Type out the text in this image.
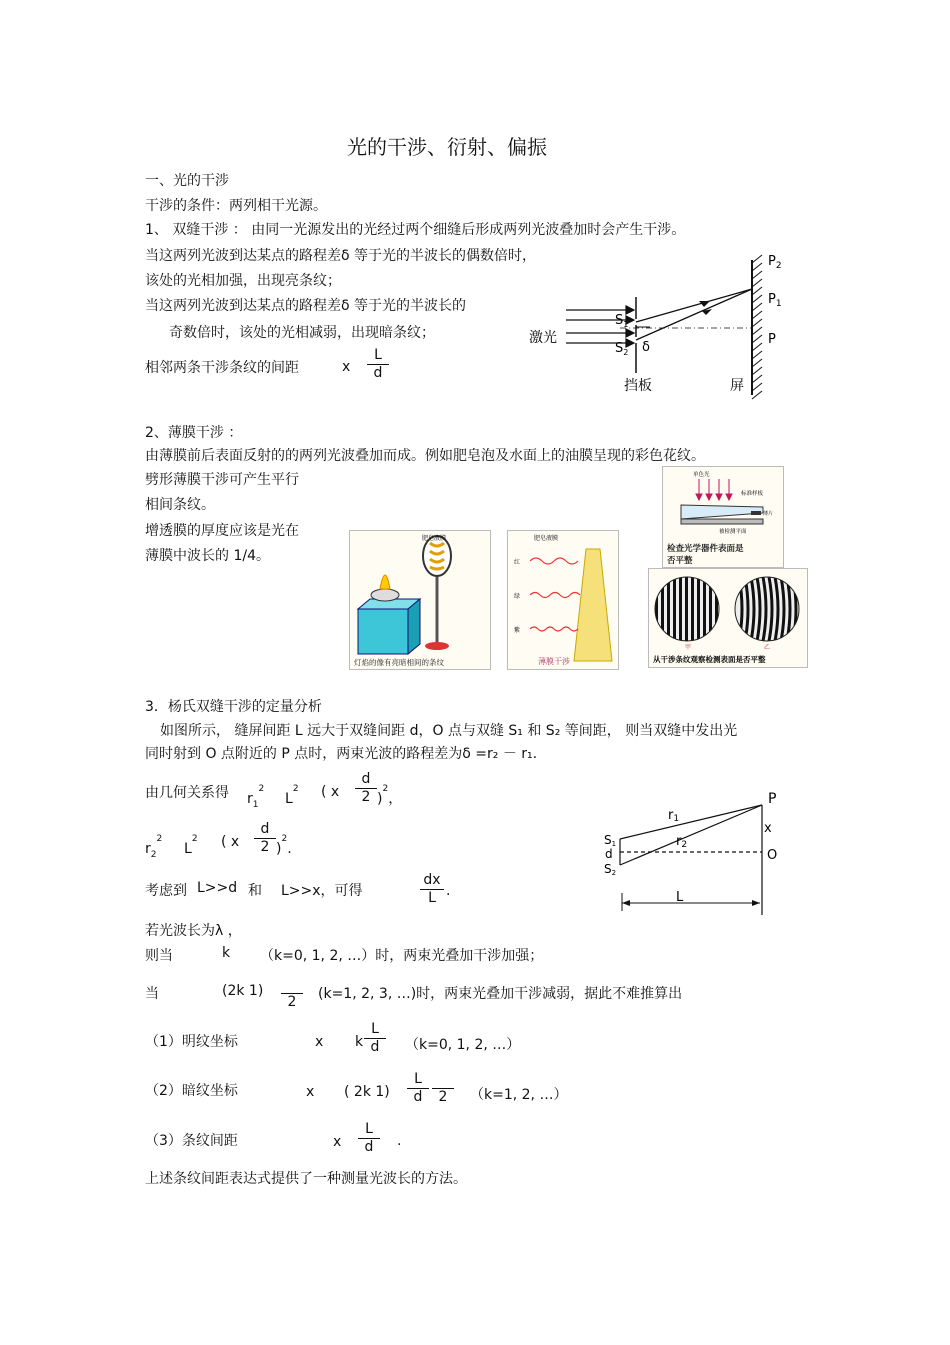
光的干涉、衍射、偏振
一、光的干涉
干涉的条件：两列相干光源。
1、 双缝干涉 ： 由同一光源发出的光经过两个细缝后形成两列光波叠加时会产生干涉。
当这两列光波到达某点的路程差δ 等于光的半波长的偶数倍时，
该处的光相加强，出现亮条纹；
当这两列光波到达某点的路程差δ 等于光的半波长的
奇数倍时，该处的光相减弱，出现暗条纹；
相邻两条干涉条纹的间距	x $\frac{L}{d}$
激光
$S_1$
$S_2$ δ
$P_2$
$P_1$
P
挡板	屏
2、薄膜干涉 ：
由薄膜前后表面反射的的两列光波叠加而成。例如肥皂泡及水面上的油膜呈现的彩色花纹。
劈形薄膜干涉可产生平行
相间条纹。
增透膜的厚度应该是光在
薄膜中波长的 1/4。
肥皂液膜
灯焰的像有亮暗相间的条纹
肥皂液膜
红
绿
紫
薄膜干涉
单色光
标准样板
薄片
被检测平面
检查光学器件表面是
否平整
甲	乙
从干涉条纹观察检测表面是否平整
3．杨氏双缝干涉的定量分析
如图所示， 缝屏间距 L 远大于双缝间距 d，O 点与双缝 S₁ 和 S₂ 等间距， 则当双缝中发出光
同时射到 O 点附近的 P 点时，两束光波的路程差为δ =r₂ － r₁.
由几何关系得 $r_1^2$
$L^2$ ( x $\frac{d}{2} )^2$，
$r_2^2$
$L^2$ ( x $\frac{d}{2} )^2$.
考虑到 L>>d 和 L>>x，可得	$\frac{dx}{L}$ .
若光波长为λ ，
则当	k （k=0, 1, 2, …）时，两束光叠加干涉加强；
当	(2k 1)
2	(k=1, 2, 3, …)时，两束光叠加干涉减弱，据此不难推算出
（1）明纹坐标	x k $\frac{L}{d} (k=0$, 1, 2, …）
（2）暗纹坐标	x ( 2k $1) \frac{L}{d} 2$	（k=1, 2, …）
（3）条纹间距	x $\frac{L}{d}$ .
上述条纹间距表达式提供了一种测量光波长的方法。
P
r1
r2
x
S1
d
S2
O
L
